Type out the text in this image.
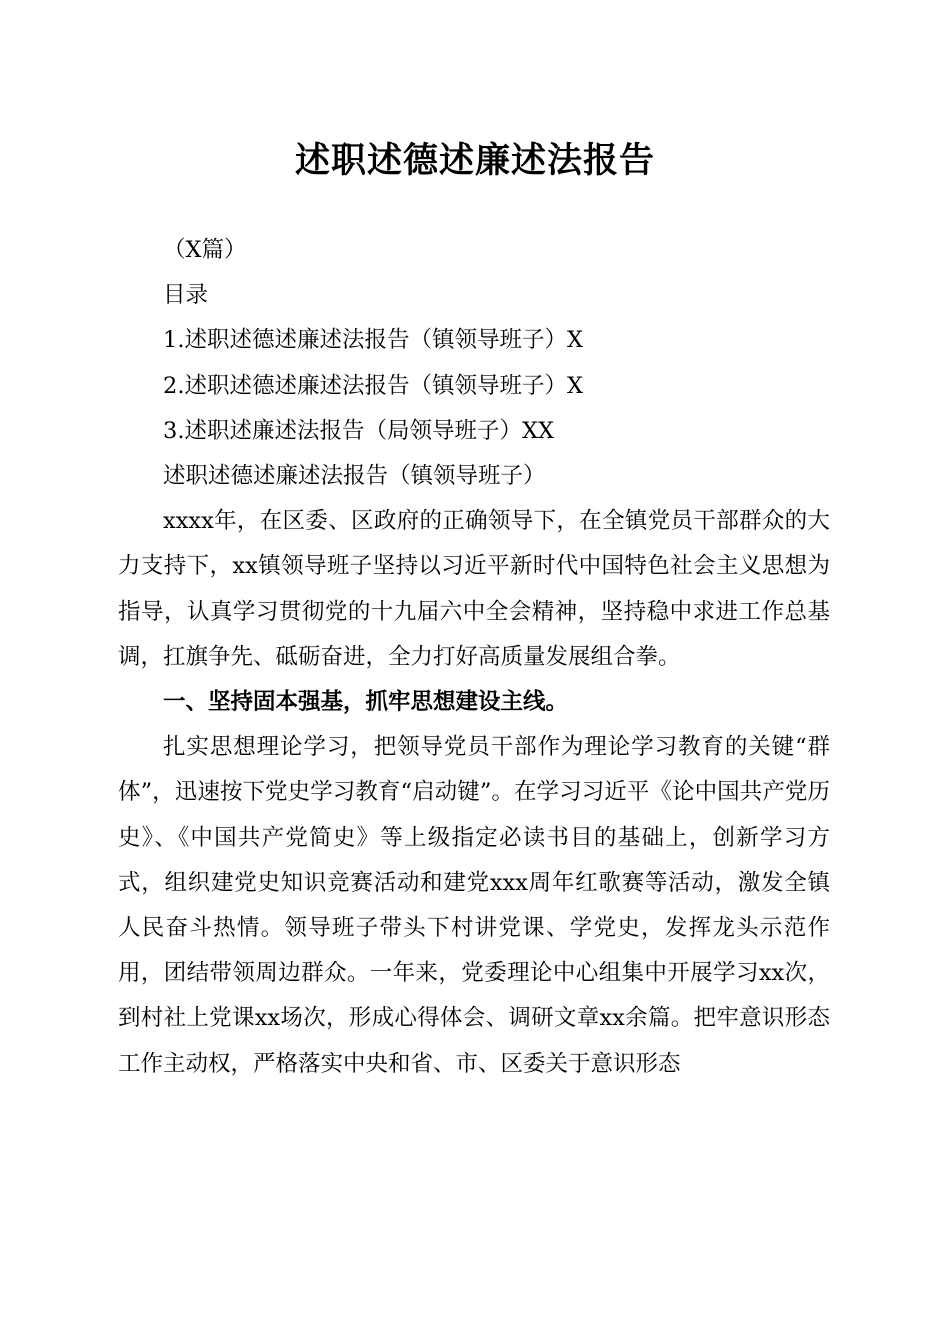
述职述德述廉述法报告

（X篇）

目录

1.述职述德述廉述法报告（镇领导班子）X

2.述职述德述廉述法报告（镇领导班子）X

3.述职述廉述法报告（局领导班子）XX

述职述德述廉述法报告（镇领导班子）

xxxx年，在区委、区政府的正确领导下，在全镇党员干部群众的大力支持下，xx镇领导班子坚持以习近平新时代中国特色社会主义思想为指导，认真学习贯彻党的十九届六中全会精神，坚持稳中求进工作总基调，扛旗争先、砥砺奋进，全力打好高质量发展组合拳。

一、坚持固本强基，抓牢思想建设主线。

扎实思想理论学习，把领导党员干部作为理论学习教育的关键“群体”，迅速按下党史学习教育“启动键”。在学习习近平《论中国共产党历史》、《中国共产党简史》等上级指定必读书目的基础上，创新学习方式，组织建党史知识竞赛活动和建党xxx周年红歌赛等活动，激发全镇人民奋斗热情。领导班子带头下村讲党课、学党史，发挥龙头示范作用，团结带领周边群众。一年来，党委理论中心组集中开展学习xx次，到村社上党课xx场次，形成心得体会、调研文章xx余篇。把牢意识形态工作主动权，严格落实中央和省、市、区委关于意识形态
